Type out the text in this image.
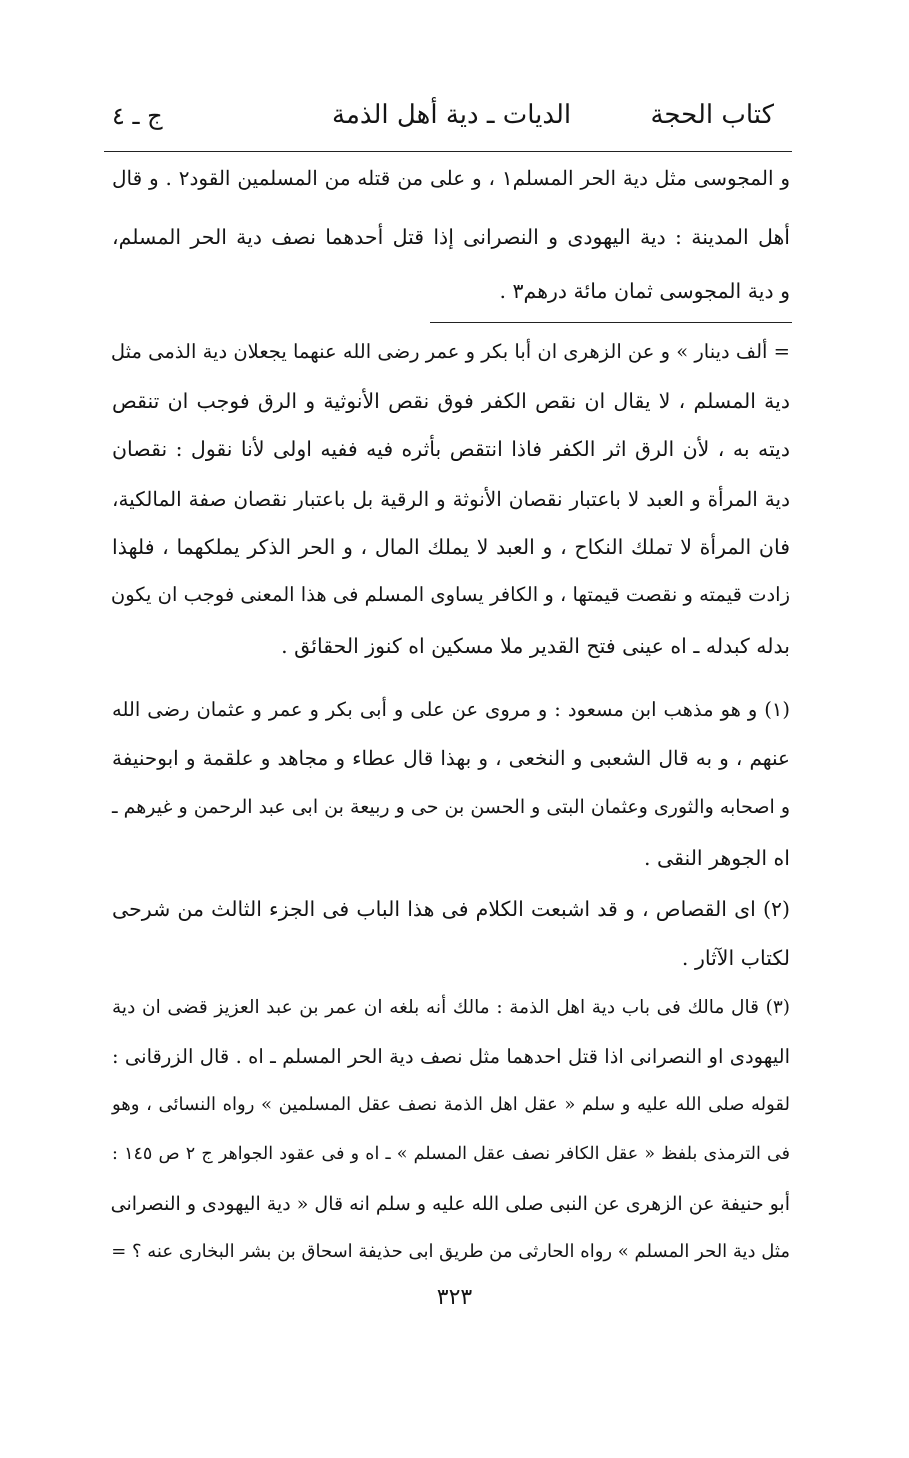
كتاب الحجة
الديات ـ دية أهل الذمة
ج ـ ٤
و المجوسى مثل دية الحر المسلم١ ، و على من قتله من المسلمين القود٢ . و قال
أهل المدينة : دية اليهودى و النصرانى إذا قتل أحدهما نصف دية الحر المسلم،
و دية المجوسى ثمان مائة درهم٣ .
= ألف دينار » و عن الزهرى ان أبا بكر و عمر رضى الله عنهما يجعلان دية الذمى مثل
دية المسلم ، لا يقال ان نقص الكفر فوق نقص الأنوثية و الرق فوجب ان تنقص
ديته به ، لأن الرق اثر الكفر فاذا انتقص بأثره فيه ففيه اولى لأنا نقول : نقصان
دية المرأة و العبد لا باعتبار نقصان الأنوثة و الرقية بل باعتبار نقصان صفة المالكية،
فان المرأة لا تملك النكاح ، و العبد لا يملك المال ، و الحر الذكر يملكهما ، فلهذا
زادت قيمته و نقصت قيمتها ، و الكافر يساوى المسلم فى هذا المعنى فوجب ان يكون
بدله كبدله ـ اه عينى فتح القدير ملا مسكين اه كنوز الحقائق .
(١) و هو مذهب ابن مسعود : و مروى عن على و أبى بكر و عمر و عثمان رضى الله
عنهم ، و به قال الشعبى و النخعى ، و بهذا قال عطاء و مجاهد و علقمة و ابوحنيفة
و اصحابه والثورى وعثمان البتى و الحسن بن حى و ربيعة بن ابى عبد الرحمن و غيرهم ـ
اه الجوهر النقى .
(٢) اى القصاص ، و قد اشبعت الكلام فى هذا الباب فى الجزء الثالث من شرحى
لكتاب الآثار .
(٣) قال مالك فى باب دية اهل الذمة : مالك أنه بلغه ان عمر بن عبد العزيز قضى ان دية
اليهودى او النصرانى اذا قتل احدهما مثل نصف دية الحر المسلم ـ اه . قال الزرقانى :
لقوله صلى الله عليه و سلم « عقل اهل الذمة نصف عقل المسلمين » رواه النسائى ، وهو
فى الترمذى بلفظ « عقل الكافر نصف عقل المسلم » ـ اه و فى عقود الجواهر ج ٢ ص ١٤٥ :
أبو حنيفة عن الزهرى عن النبى صلى الله عليه و سلم انه قال « دية اليهودى و النصرانى
مثل دية الحر المسلم » رواه الحارثى من طريق ابى حذيفة اسحاق بن بشر البخارى عنه ؟ =
٣٢٣
